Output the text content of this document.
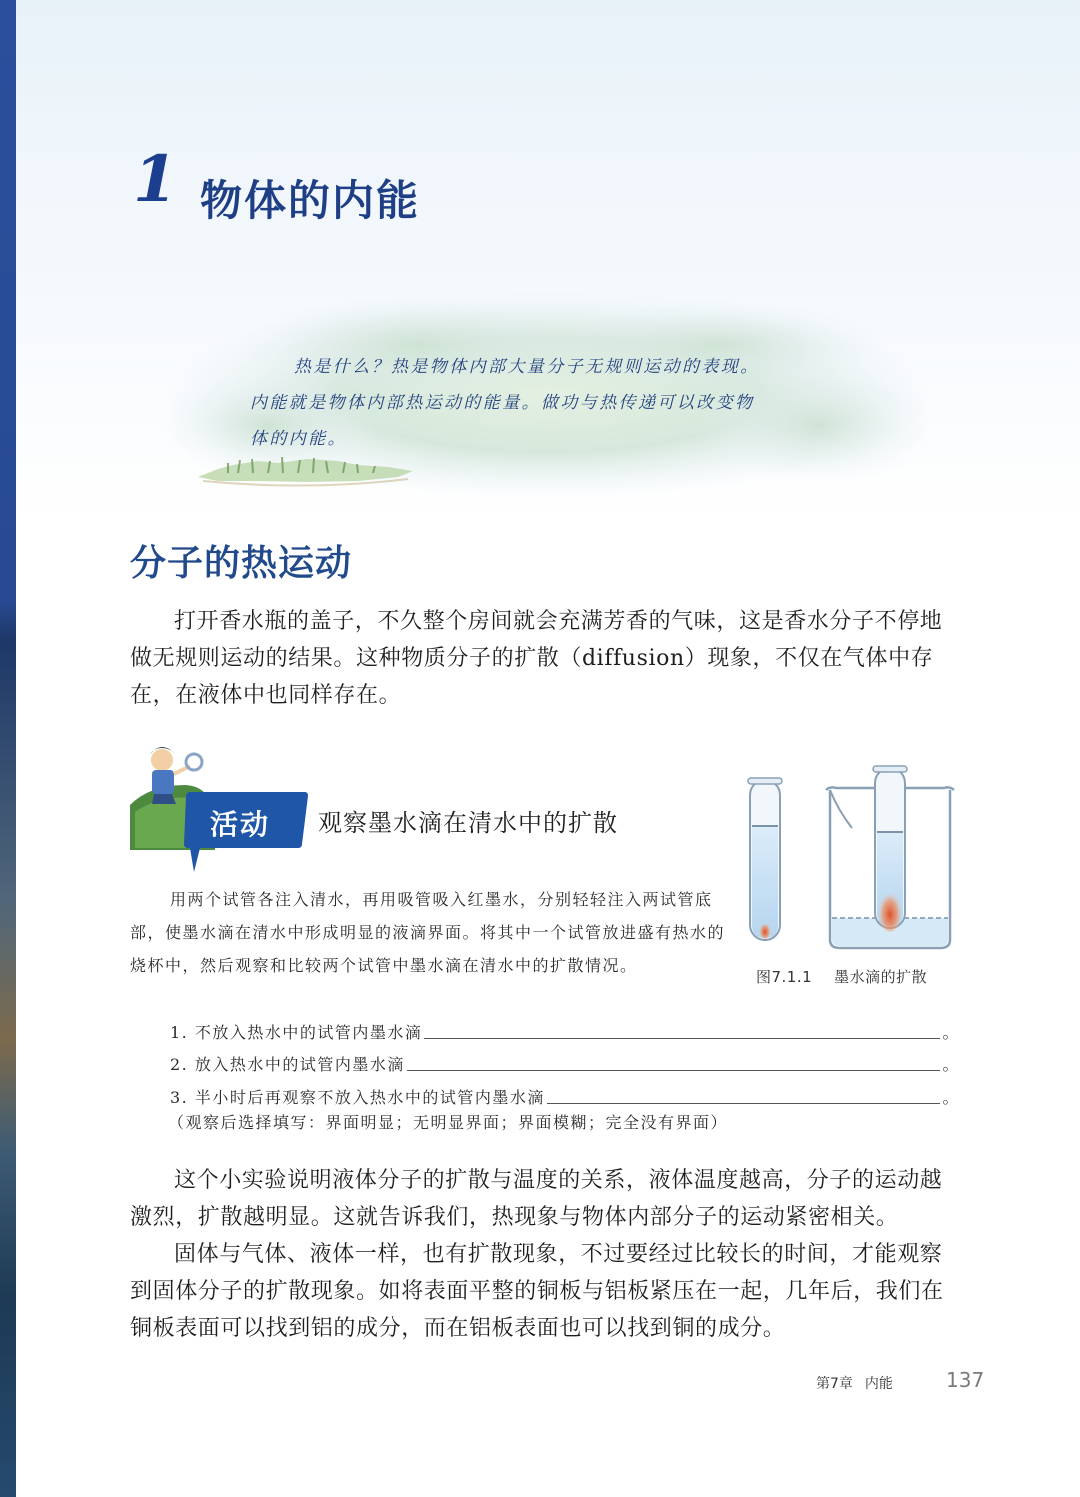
1 物体的内能
热是什么？热是物体内部大量分子无规则运动的表现。
内能就是物体内部热运动的能量。做功与热传递可以改变物
体的内能。
分子的热运动
打开香水瓶的盖子，不久整个房间就会充满芳香的气味，这是香水分子不停地做无规则运动的结果。这种物质分子的扩散（diffusion）现象，不仅在气体中存在，在液体中也同样存在。
活动 观察墨水滴在清水中的扩散
用两个试管各注入清水，再用吸管吸入红墨水，分别轻轻注入两试管底部，使墨水滴在清水中形成明显的液滴界面。将其中一个试管放进盛有热水的烧杯中，然后观察和比较两个试管中墨水滴在清水中的扩散情况。
图7.1.1 墨水滴的扩散
1. 不放入热水中的试管内墨水滴	。
2. 放入热水中的试管内墨水滴	。
3. 半小时后再观察不放入热水中的试管内墨水滴	。
（观察后选择填写：界面明显；无明显界面；界面模糊；完全没有界面）
这个小实验说明液体分子的扩散与温度的关系，液体温度越高，分子的运动越激烈，扩散越明显。这就告诉我们，热现象与物体内部分子的运动紧密相关。
固体与气体、液体一样，也有扩散现象，不过要经过比较长的时间，才能观察到固体分子的扩散现象。如将表面平整的铜板与铝板紧压在一起，几年后，我们在铜板表面可以找到铝的成分，而在铝板表面也可以找到铜的成分。
第7章 内能	137
